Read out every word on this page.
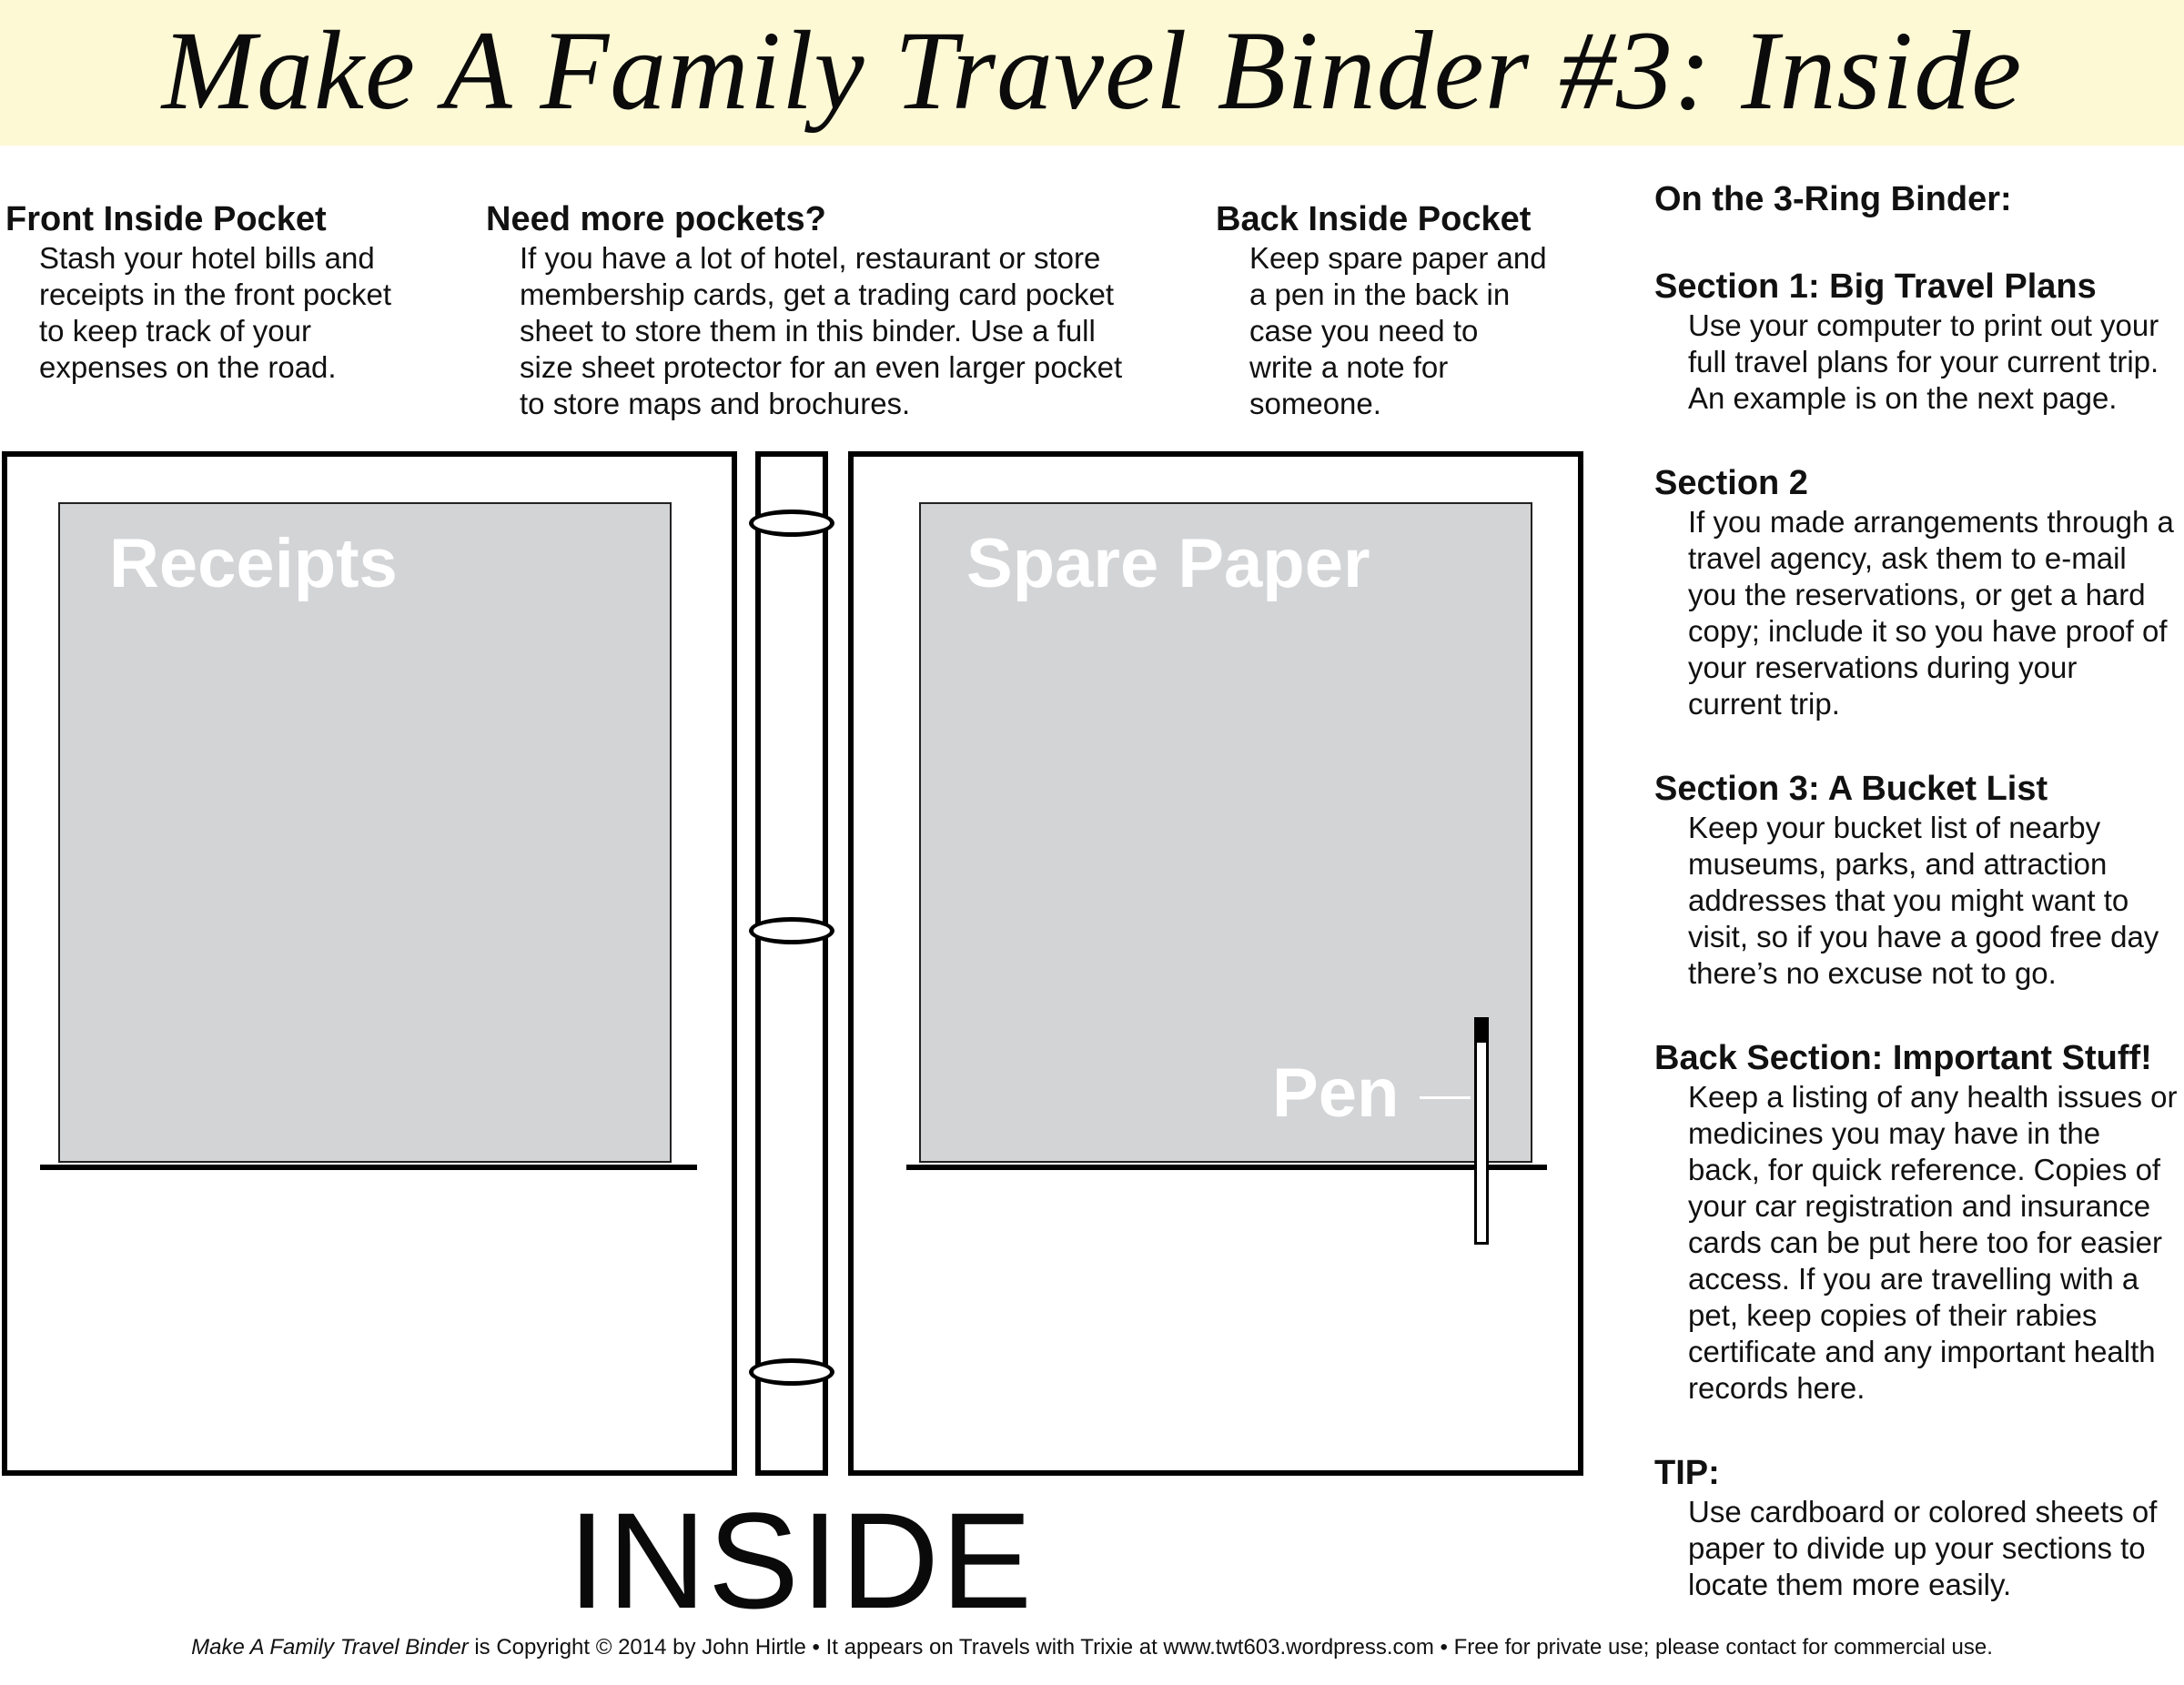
Make A Family Travel Binder #3: Inside
Front Inside Pocket

Stash your hotel bills and
receipts in the front pocket
to keep track of your
expenses on the road.

Need more pockets?

If you have a lot of hotel, restaurant or store
membership cards, get a trading card pocket
sheet to store them in this binder. Use a full
size sheet protector for an even larger pocket
to store maps and brochures.

Back Inside Pocket

Keep spare paper and
a pen in the back in
case you need to
write a note for
someone.

On the 3-Ring Binder:
Section 1: Big Travel Plans

Use your computer to print out your
full travel plans for your current trip.
An example is on the next page.

Section 2

If you made arrangements through a
travel agency, ask them to e-mail
you the reservations, or get a hard
copy; include it so you have proof of
your reservations during your
current trip.

Section 3: A Bucket List

Keep your bucket list of nearby
museums, parks, and attraction
addresses that you might want to
visit, so if you have a good free day
there’s no excuse not to go.

Back Section: Important Stuff!

Keep a listing of any health issues or
medicines you may have in the
back, for quick reference. Copies of
your car registration and insurance
cards can be put here too for easier
access. If you are travelling with a
pet, keep copies of their rabies
certificate and any important health
records here.

TIP:

Use cardboard or colored sheets of
paper to divide up your sections to
locate them more easily.

Receipts	Spare Paper
Pen
INSIDE
Make A Family Travel Binder is Copyright © 2014 by John Hirtle • It appears on Travels with Trixie at www.twt603.wordpress.com • Free for private use; please contact for commercial use.
